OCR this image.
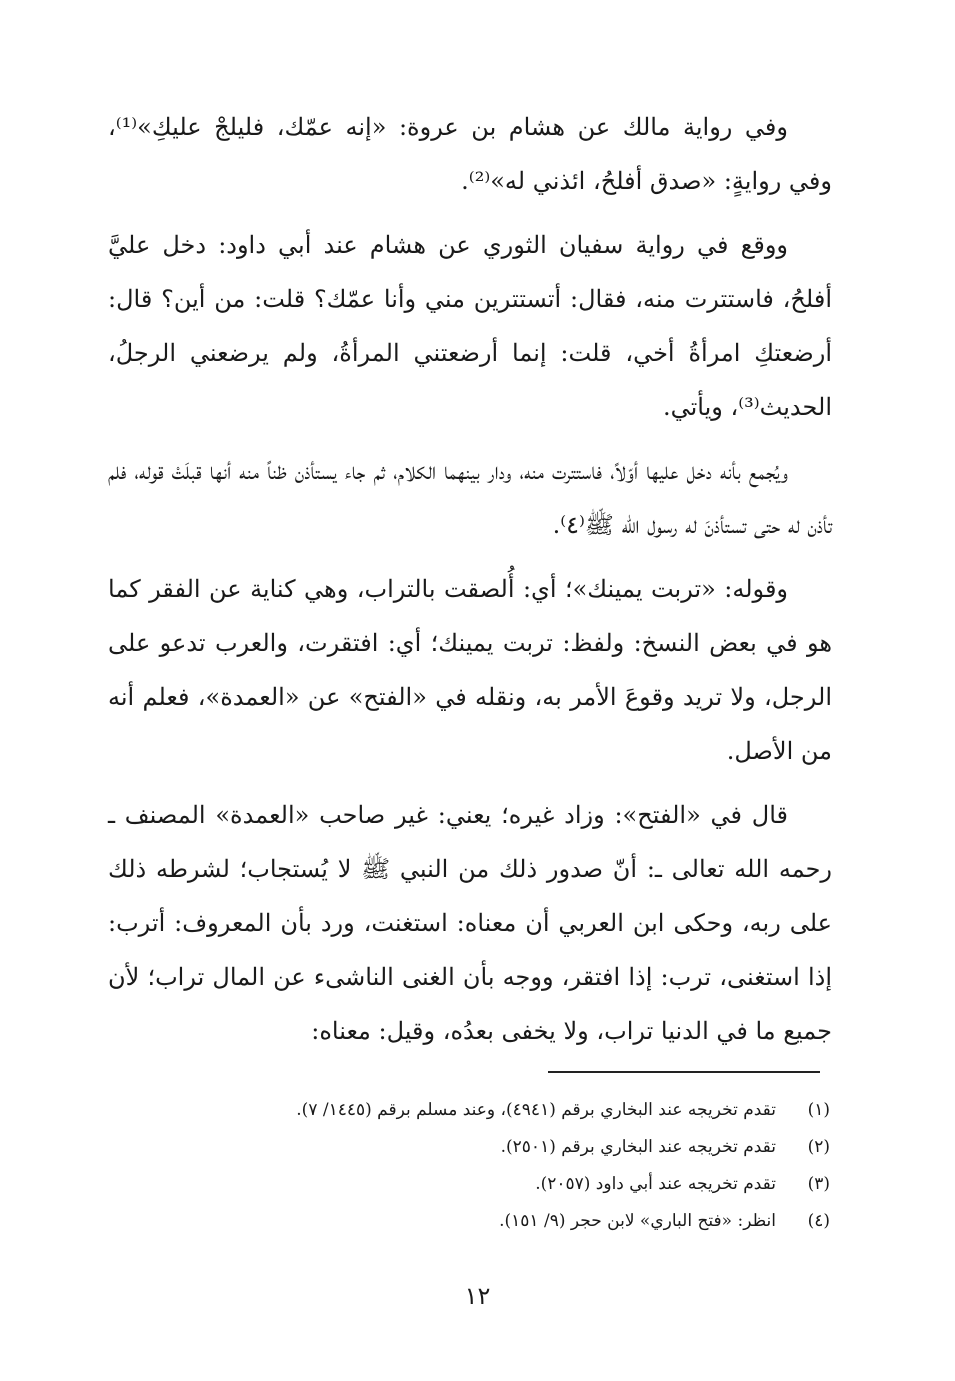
وفي رواية مالك عن هشام بن عروة: «إنه عمّك، فليلجْ عليكِ»⁽¹⁾، وفي روايةٍ: «صدق أفلحُ، ائذني له»⁽²⁾.

ووقع في رواية سفيان الثوري عن هشام عند أبي داود: دخل عليَّ أفلحُ، فاستترت منه، فقال: أتستترين مني وأنا عمّك؟ قلت: من أين؟ قال: أرضعتكِ امرأةُ أخي، قلت: إنما أرضعتني المرأةُ، ولم يرضعني الرجلُ، الحديث⁽³⁾، ويأتي.

ويُجمع بأنه دخل عليها أوّلاً، فاستترت منه، ودار بينهما الكلام، ثم جاء يستأذن ظناً منه أنها قبلَتْ قوله، فلم تأذن له حتى تستأذنَ له رسول الله ﷺ⁽٤⁾.

وقوله: «تربت يمينك»؛ أي: أُلصقت بالتراب، وهي كناية عن الفقر كما هو في بعض النسخ: ولفظ: تربت يمينك؛ أي: افتقرت، والعرب تدعو على الرجل، ولا تريد وقوعَ الأمر به، ونقله في «الفتح» عن «العمدة»، فعلم أنه من الأصل.

قال في «الفتح»: وزاد غيره؛ يعني: غير صاحب «العمدة» المصنف ـ رحمه الله تعالى ـ: أنّ صدور ذلك من النبي ﷺ لا يُستجاب؛ لشرطه ذلك على ربه، وحكى ابن العربي أن معناه: استغنت، ورد بأن المعروف: أترب: إذا استغنى، ترب: إذا افتقر، ووجه بأن الغنى الناشىء عن المال تراب؛ لأن جميع ما في الدنيا تراب، ولا يخفى بعدُه، وقيل: معناه:

(١)تقدم تخريجه عند البخاري برقم (٤٩٤١)، وعند مسلم برقم (١٤٤٥/ ٧).
(٢)تقدم تخريجه عند البخاري برقم (٢٥٠١).
(٣)تقدم تخريجه عند أبي داود (٢٠٥٧).
(٤)انظر: «فتح الباري» لابن حجر (٩/ ١٥١).
١٢
